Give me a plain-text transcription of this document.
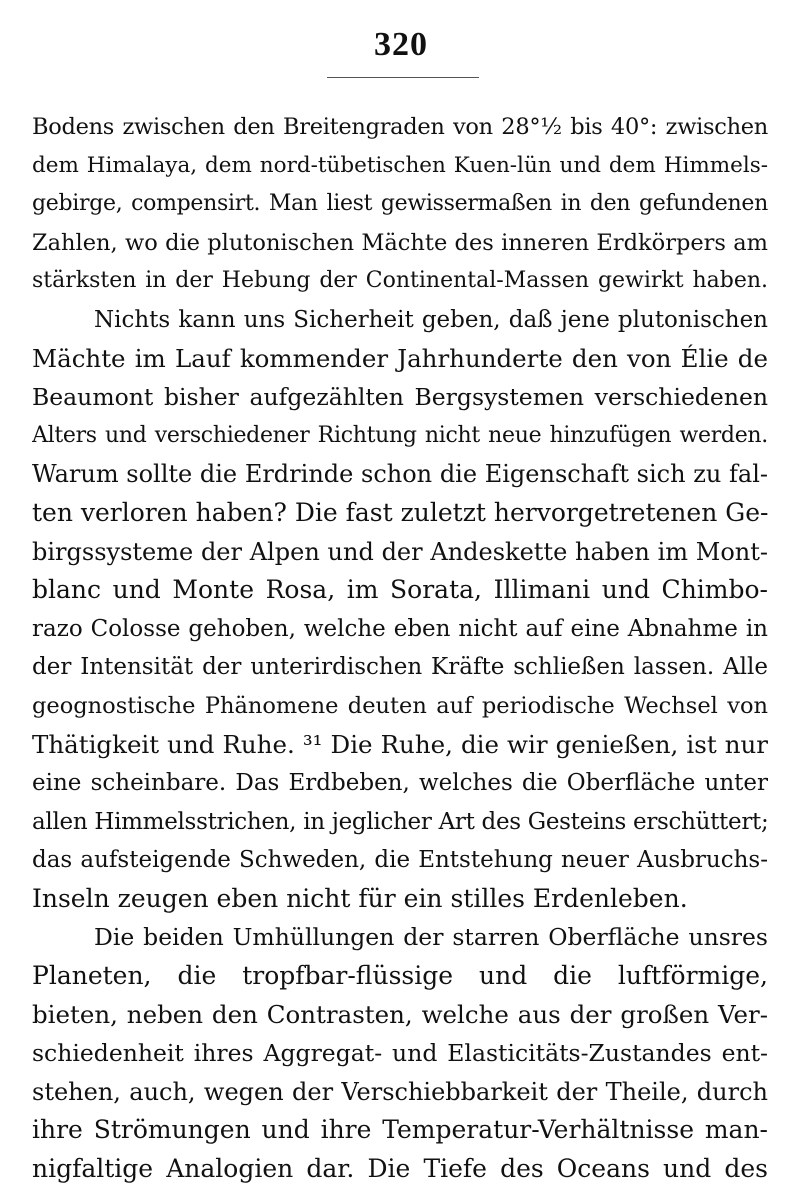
320
Bodens zwischen den Breitengraden von 28°½ bis 40°: zwischen
dem Himalaya, dem nord-tübetischen Kuen-lün und dem Himmels-
gebirge, compensirt. Man liest gewissermaßen in den gefundenen
Zahlen, wo die plutonischen Mächte des inneren Erdkörpers am
stärksten in der Hebung der Continental-Massen gewirkt haben.
Nichts kann uns Sicherheit geben, daß jene plutonischen
Mächte im Lauf kommender Jahrhunderte den von Élie de
Beaumont bisher aufgezählten Bergsystemen verschiedenen
Alters und verschiedener Richtung nicht neue hinzufügen werden.
Warum sollte die Erdrinde schon die Eigenschaft sich zu fal-
ten verloren haben? Die fast zuletzt hervorgetretenen Ge-
birgssysteme der Alpen und der Andeskette haben im Mont-
blanc und Monte Rosa, im Sorata, Illimani und Chimbo-
razo Colosse gehoben, welche eben nicht auf eine Abnahme in
der Intensität der unterirdischen Kräfte schließen lassen. Alle
geognostische Phänomene deuten auf periodische Wechsel von
Thätigkeit und Ruhe. ³¹ Die Ruhe, die wir genießen, ist nur
eine scheinbare. Das Erdbeben, welches die Oberfläche unter
allen Himmelsstrichen, in jeglicher Art des Gesteins erschüttert;
das aufsteigende Schweden, die Entstehung neuer Ausbruchs-
Inseln zeugen eben nicht für ein stilles Erdenleben.
Die beiden Umhüllungen der starren Oberfläche unsres
Planeten, die tropfbar-flüssige und die luftförmige,
bieten, neben den Contrasten, welche aus der großen Ver-
schiedenheit ihres Aggregat- und Elasticitäts-Zustandes ent-
stehen, auch, wegen der Verschiebbarkeit der Theile, durch
ihre Strömungen und ihre Temperatur-Verhältnisse man-
nigfaltige Analogien dar. Die Tiefe des Oceans und des
